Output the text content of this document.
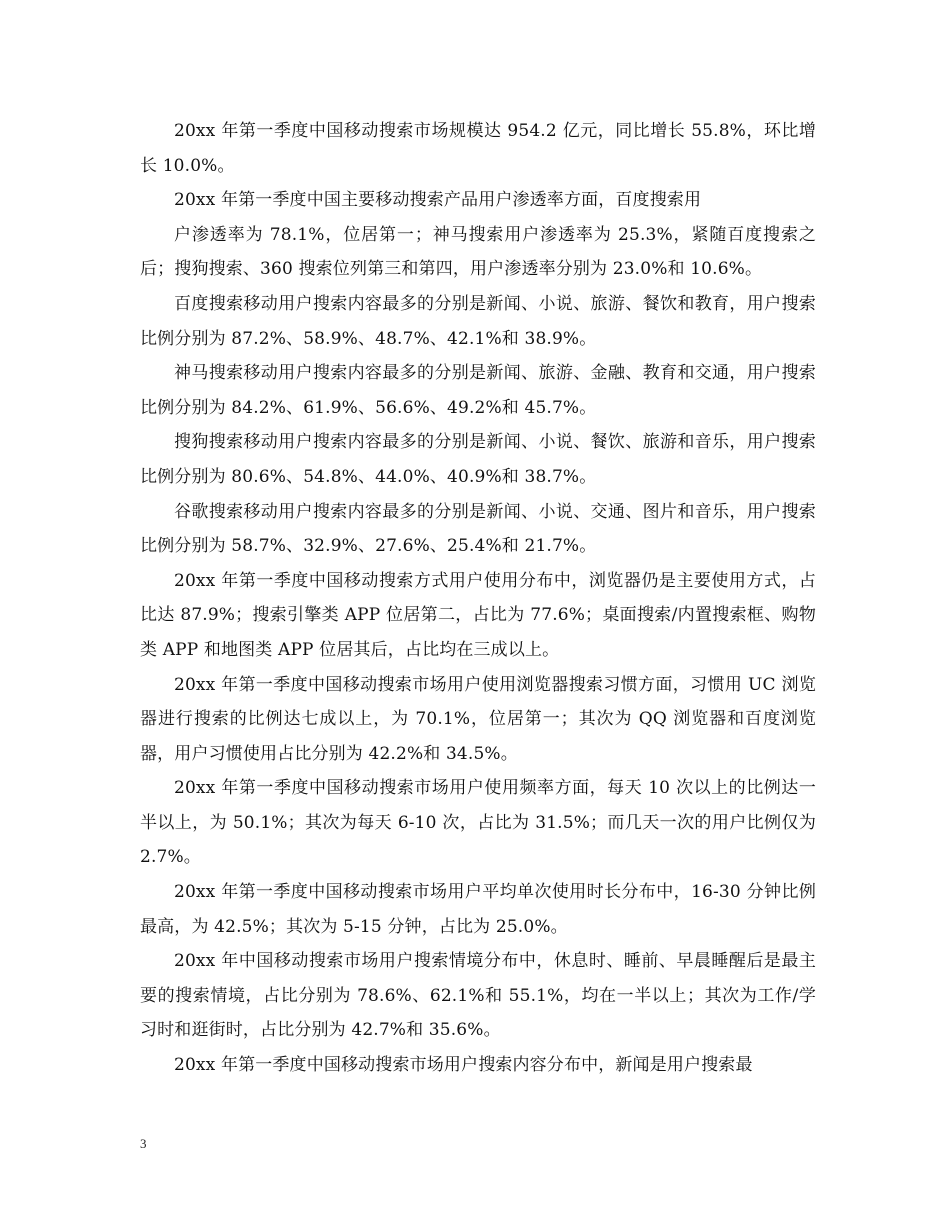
20xx 年第一季度中国移动搜索市场规模达 954.2 亿元，同比增长 55.8%，环比增长 10.0%。

20xx 年第一季度中国主要移动搜索产品用户渗透率方面，百度搜索用

户渗透率为 78.1%，位居第一；神马搜索用户渗透率为 25.3%，紧随百度搜索之后；搜狗搜索、360 搜索位列第三和第四，用户渗透率分别为 23.0%和 10.6%。

百度搜索移动用户搜索内容最多的分别是新闻、小说、旅游、餐饮和教育，用户搜索比例分别为 87.2%、58.9%、48.7%、42.1%和 38.9%。

神马搜索移动用户搜索内容最多的分别是新闻、旅游、金融、教育和交通，用户搜索比例分别为 84.2%、61.9%、56.6%、49.2%和 45.7%。

搜狗搜索移动用户搜索内容最多的分别是新闻、小说、餐饮、旅游和音乐，用户搜索比例分别为 80.6%、54.8%、44.0%、40.9%和 38.7%。

谷歌搜索移动用户搜索内容最多的分别是新闻、小说、交通、图片和音乐，用户搜索比例分别为 58.7%、32.9%、27.6%、25.4%和 21.7%。

20xx 年第一季度中国移动搜索方式用户使用分布中，浏览器仍是主要使用方式，占比达 87.9%；搜索引擎类 APP 位居第二，占比为 77.6%；桌面搜索/内置搜索框、购物类 APP 和地图类 APP 位居其后，占比均在三成以上。

20xx 年第一季度中国移动搜索市场用户使用浏览器搜索习惯方面，习惯用 UC 浏览器进行搜索的比例达七成以上，为 70.1%，位居第一；其次为 QQ 浏览器和百度浏览器，用户习惯使用占比分别为 42.2%和 34.5%。

20xx 年第一季度中国移动搜索市场用户使用频率方面，每天 10 次以上的比例达一半以上，为 50.1%；其次为每天 6-10 次，占比为 31.5%；而几天一次的用户比例仅为 2.7%。

20xx 年第一季度中国移动搜索市场用户平均单次使用时长分布中，16-30 分钟比例最高，为 42.5%；其次为 5-15 分钟，占比为 25.0%。

20xx 年中国移动搜索市场用户搜索情境分布中，休息时、睡前、早晨睡醒后是最主要的搜索情境，占比分别为 78.6%、62.1%和 55.1%，均在一半以上；其次为工作/学习时和逛街时，占比分别为 42.7%和 35.6%。

20xx 年第一季度中国移动搜索市场用户搜索内容分布中，新闻是用户搜索最

3
